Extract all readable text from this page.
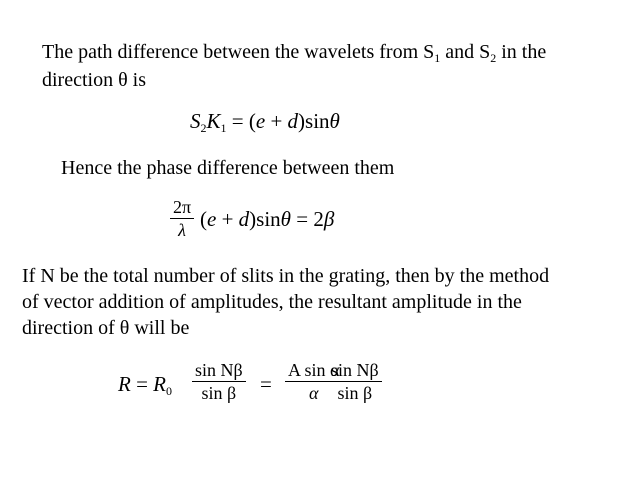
The path difference between the wavelets from $S_1$ and $S_2$ in the
direction θ is
$S_2K_1 = (e + d)\sin\theta$
Hence the phase difference between them
2π
λ (e + d)sinθ = 2β
If N be the total number of slits in the grating, then by the method
of vector addition of amplitudes, the resultant amplitude in the
direction of θ will be
$R = R_0$
sin Nβ
sin β =
A sin α
α
sin Nβ
sin β
